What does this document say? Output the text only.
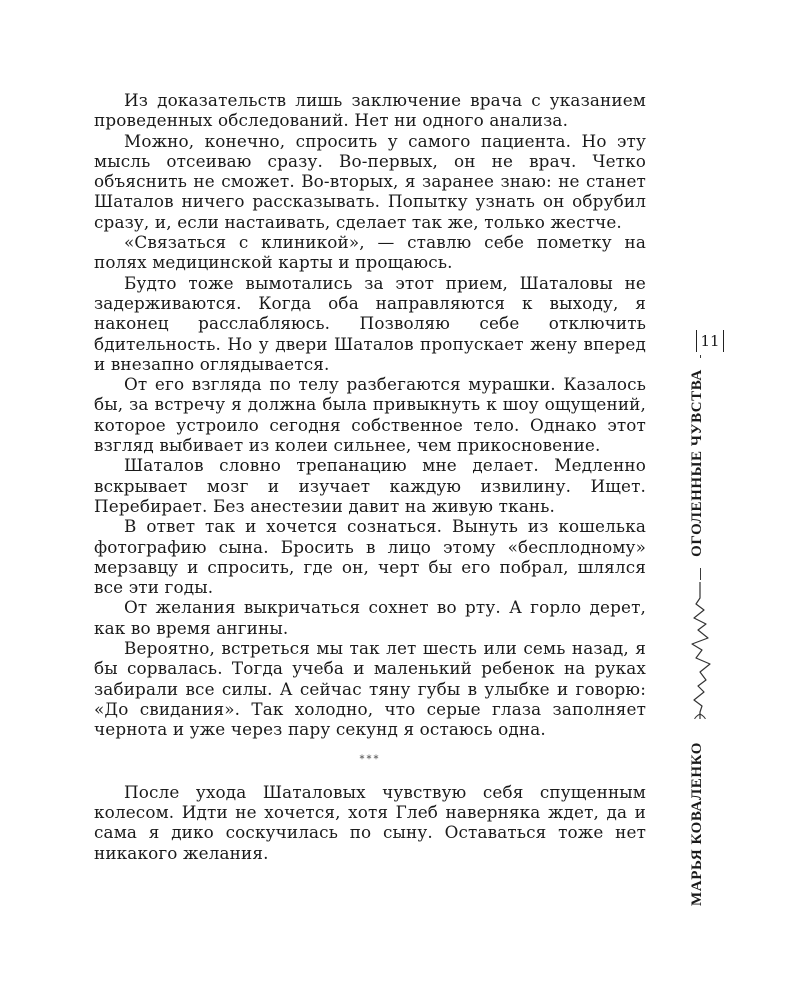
Из доказательств лишь заключение врача с указанием проведенных обследований. Нет ни одного анализа.

Можно, конечно, спросить у самого пациента. Но эту мысль отсеиваю сразу. Во-первых, он не врач. Четко объяснить не сможет. Во-вторых, я заранее знаю: не станет Шаталов ничего рассказывать. Попытку узнать он обрубил сразу, и, если настаивать, сделает так же, только жестче.

«Связаться с клиникой», — ставлю себе пометку на полях медицинской карты и прощаюсь.

Будто тоже вымотались за этот прием, Шаталовы не задерживаются. Когда оба направляются к выходу, я наконец расслабляюсь. Позволяю себе отключить бдительность. Но у двери Шаталов пропускает жену вперед и внезапно оглядывается.

От его взгляда по телу разбегаются мурашки. Казалось бы, за встречу я должна была привыкнуть к шоу ощущений, которое устроило сегодня собственное тело. Однако этот взгляд выбивает из колеи сильнее, чем прикосновение.

Шаталов словно трепанацию мне делает. Медленно вскрывает мозг и изучает каждую извилину. Ищет. Перебирает. Без анестезии давит на живую ткань.

В ответ так и хочется сознаться. Вынуть из кошелька фотографию сына. Бросить в лицо этому «бесплодному» мерзавцу и спросить, где он, черт бы его побрал, шлялся все эти годы.

От желания выкричаться сохнет во рту. А горло дерет, как во время ангины.

Вероятно, встреться мы так лет шесть или семь назад, я бы сорвалась. Тогда учеба и маленький ребенок на руках забирали все силы. А сейчас тяну губы в улыбке и говорю: «До свидания». Так холодно, что серые глаза заполняет чернота и уже через пару секунд я остаюсь одна.

***

После ухода Шаталовых чувствую себя спущенным колесом. Идти не хочется, хотя Глеб наверняка ждет, да и сама я дико соскучилась по сыну. Оставаться тоже нет никакого желания.

11
ОГОЛЕННЫЕ ЧУВСТВА
МАРЬЯ КОВАЛЕНКО
